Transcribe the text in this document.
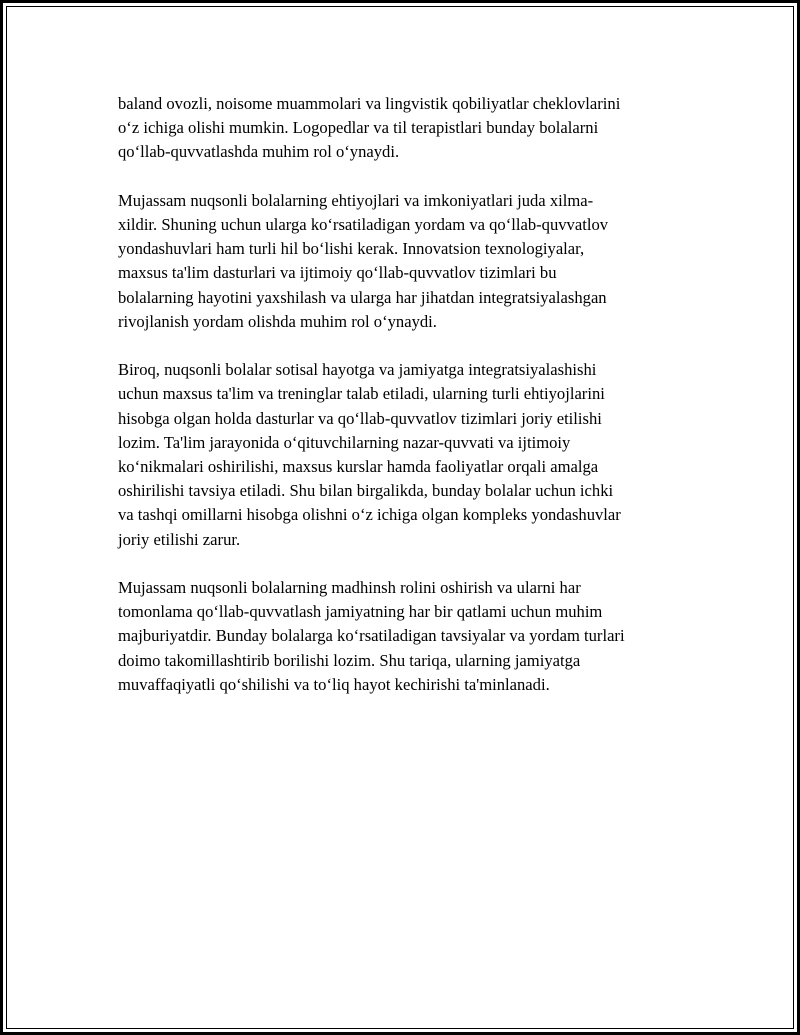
baland ovozli, noisome muammolari va lingvistik qobiliyatlar cheklovlarini
o‘z ichiga olishi mumkin. Logopedlar va til terapistlari bunday bolalarni
qo‘llab-quvvatlashda muhim rol o‘ynaydi.

Mujassam nuqsonli bolalarning ehtiyojlari va imkoniyatlari juda xilma-
xildir. Shuning uchun ularga ko‘rsatiladigan yordam va qo‘llab-quvvatlov
yondashuvlari ham turli hil bo‘lishi kerak. Innovatsion texnologiyalar,
maxsus ta'lim dasturlari va ijtimoiy qo‘llab-quvvatlov tizimlari bu
bolalarning hayotini yaxshilash va ularga har jihatdan integratsiyalashgan
rivojlanish yordam olishda muhim rol o‘ynaydi.

Biroq, nuqsonli bolalar sotisal hayotga va jamiyatga integratsiyalashishi
uchun maxsus ta'lim va treninglar talab etiladi, ularning turli ehtiyojlarini
hisobga olgan holda dasturlar va qo‘llab-quvvatlov tizimlari joriy etilishi
lozim. Ta'lim jarayonida o‘qituvchilarning nazar-quvvati va ijtimoiy
ko‘nikmalari oshirilishi, maxsus kurslar hamda faoliyatlar orqali amalga
oshirilishi tavsiya etiladi. Shu bilan birgalikda, bunday bolalar uchun ichki
va tashqi omillarni hisobga olishni o‘z ichiga olgan kompleks yondashuvlar
joriy etilishi zarur.

Mujassam nuqsonli bolalarning madhinsh rolini oshirish va ularni har
tomonlama qo‘llab-quvvatlash jamiyatning har bir qatlami uchun muhim
majburiyatdir. Bunday bolalarga ko‘rsatiladigan tavsiyalar va yordam turlari
doimo takomillashtirib borilishi lozim. Shu tariqa, ularning jamiyatga
muvaffaqiyatli qo‘shilishi va to‘liq hayot kechirishi ta'minlanadi.
